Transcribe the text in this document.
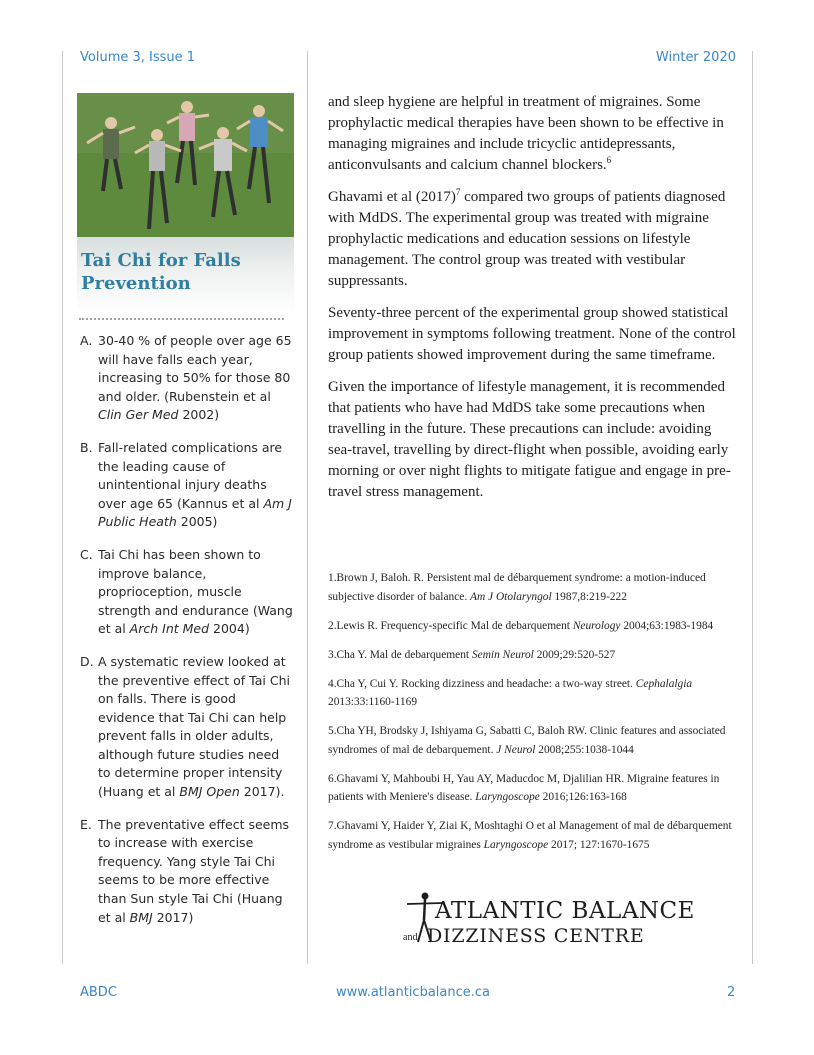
Volume 3, Issue 1	Winter 2020

Tai Chi for Falls
Prevention

A. 30-40 % of people over age 65 will have falls each year, increasing to 50% for those 80 and older. (Rubenstein et al Clin Ger Med 2002)
B. Fall-related complications are the leading cause of unintentional injury deaths over age 65 (Kannus et al Am J Public Heath 2005)
C. Tai Chi has been shown to improve balance, proprioception, muscle strength and endurance (Wang et al Arch Int Med 2004)
D. A systematic review looked at the preventive effect of Tai Chi on falls. There is good evidence that Tai Chi can help prevent falls in older adults, although future studies need to determine proper intensity (Huang et al BMJ Open 2017).
E. The preventative effect seems to increase with exercise frequency. Yang style Tai Chi seems to be more effective than Sun style Tai Chi (Huang et al BMJ 2017)

and sleep hygiene are helpful in treatment of migraines. Some prophylactic medical therapies have been shown to be effective in managing migraines and include tricyclic antidepressants, anticonvulsants and calcium channel blockers.$^6$

Ghavami et al $(2017)^7$ compared two groups of patients diagnosed with MdDS. The experimental group was treated with migraine prophylactic medications and education sessions on lifestyle management. The control group was treated with vestibular suppressants.

Seventy-three percent of the experimental group showed statistical improvement in symptoms following treatment. None of the control group patients showed improvement during the same timeframe.

Given the importance of lifestyle management, it is recommended that patients who have had MdDS take some precautions when travelling in the future. These precautions can include: avoiding sea-travel, travelling by direct-flight when possible, avoiding early morning or over night flights to mitigate fatigue and engage in pre-travel stress management.

1.Brown J, Baloh. R. Persistent mal de débarquement syndrome: a motion-induced subjective disorder of balance. Am J Otolaryngol 1987,8:219-222
2.Lewis R. Frequency-specific Mal de debarquement Neurology 2004;63:1983-1984
3.Cha Y. Mal de debarquement Semin Neurol 2009;29:520-527
4.Cha Y, Cui Y. Rocking dizziness and headache: a two-way street. Cephalalgia 2013:33:1160-1169
5.Cha YH, Brodsky J, Ishiyama G, Sabatti C, Baloh RW. Clinic features and associated syndromes of mal de debarquement. J Neurol 2008;255:1038-1044
6.Ghavami Y, Mahboubi H, Yau AY, Maducdoc M, Djalilian HR. Migraine features in patients with Meniere's disease. Laryngoscope 2016;126:163-168
7.Ghavami Y, Haider Y, Ziai K, Moshtaghi O et al Management of mal de débarquement syndrome as vestibular migraines Laryngoscope 2017; 127:1670-1675
ATLANTIC BALANCE
and DIZZINESS CENTRE
ABDC	www.atlanticbalance.ca	2
